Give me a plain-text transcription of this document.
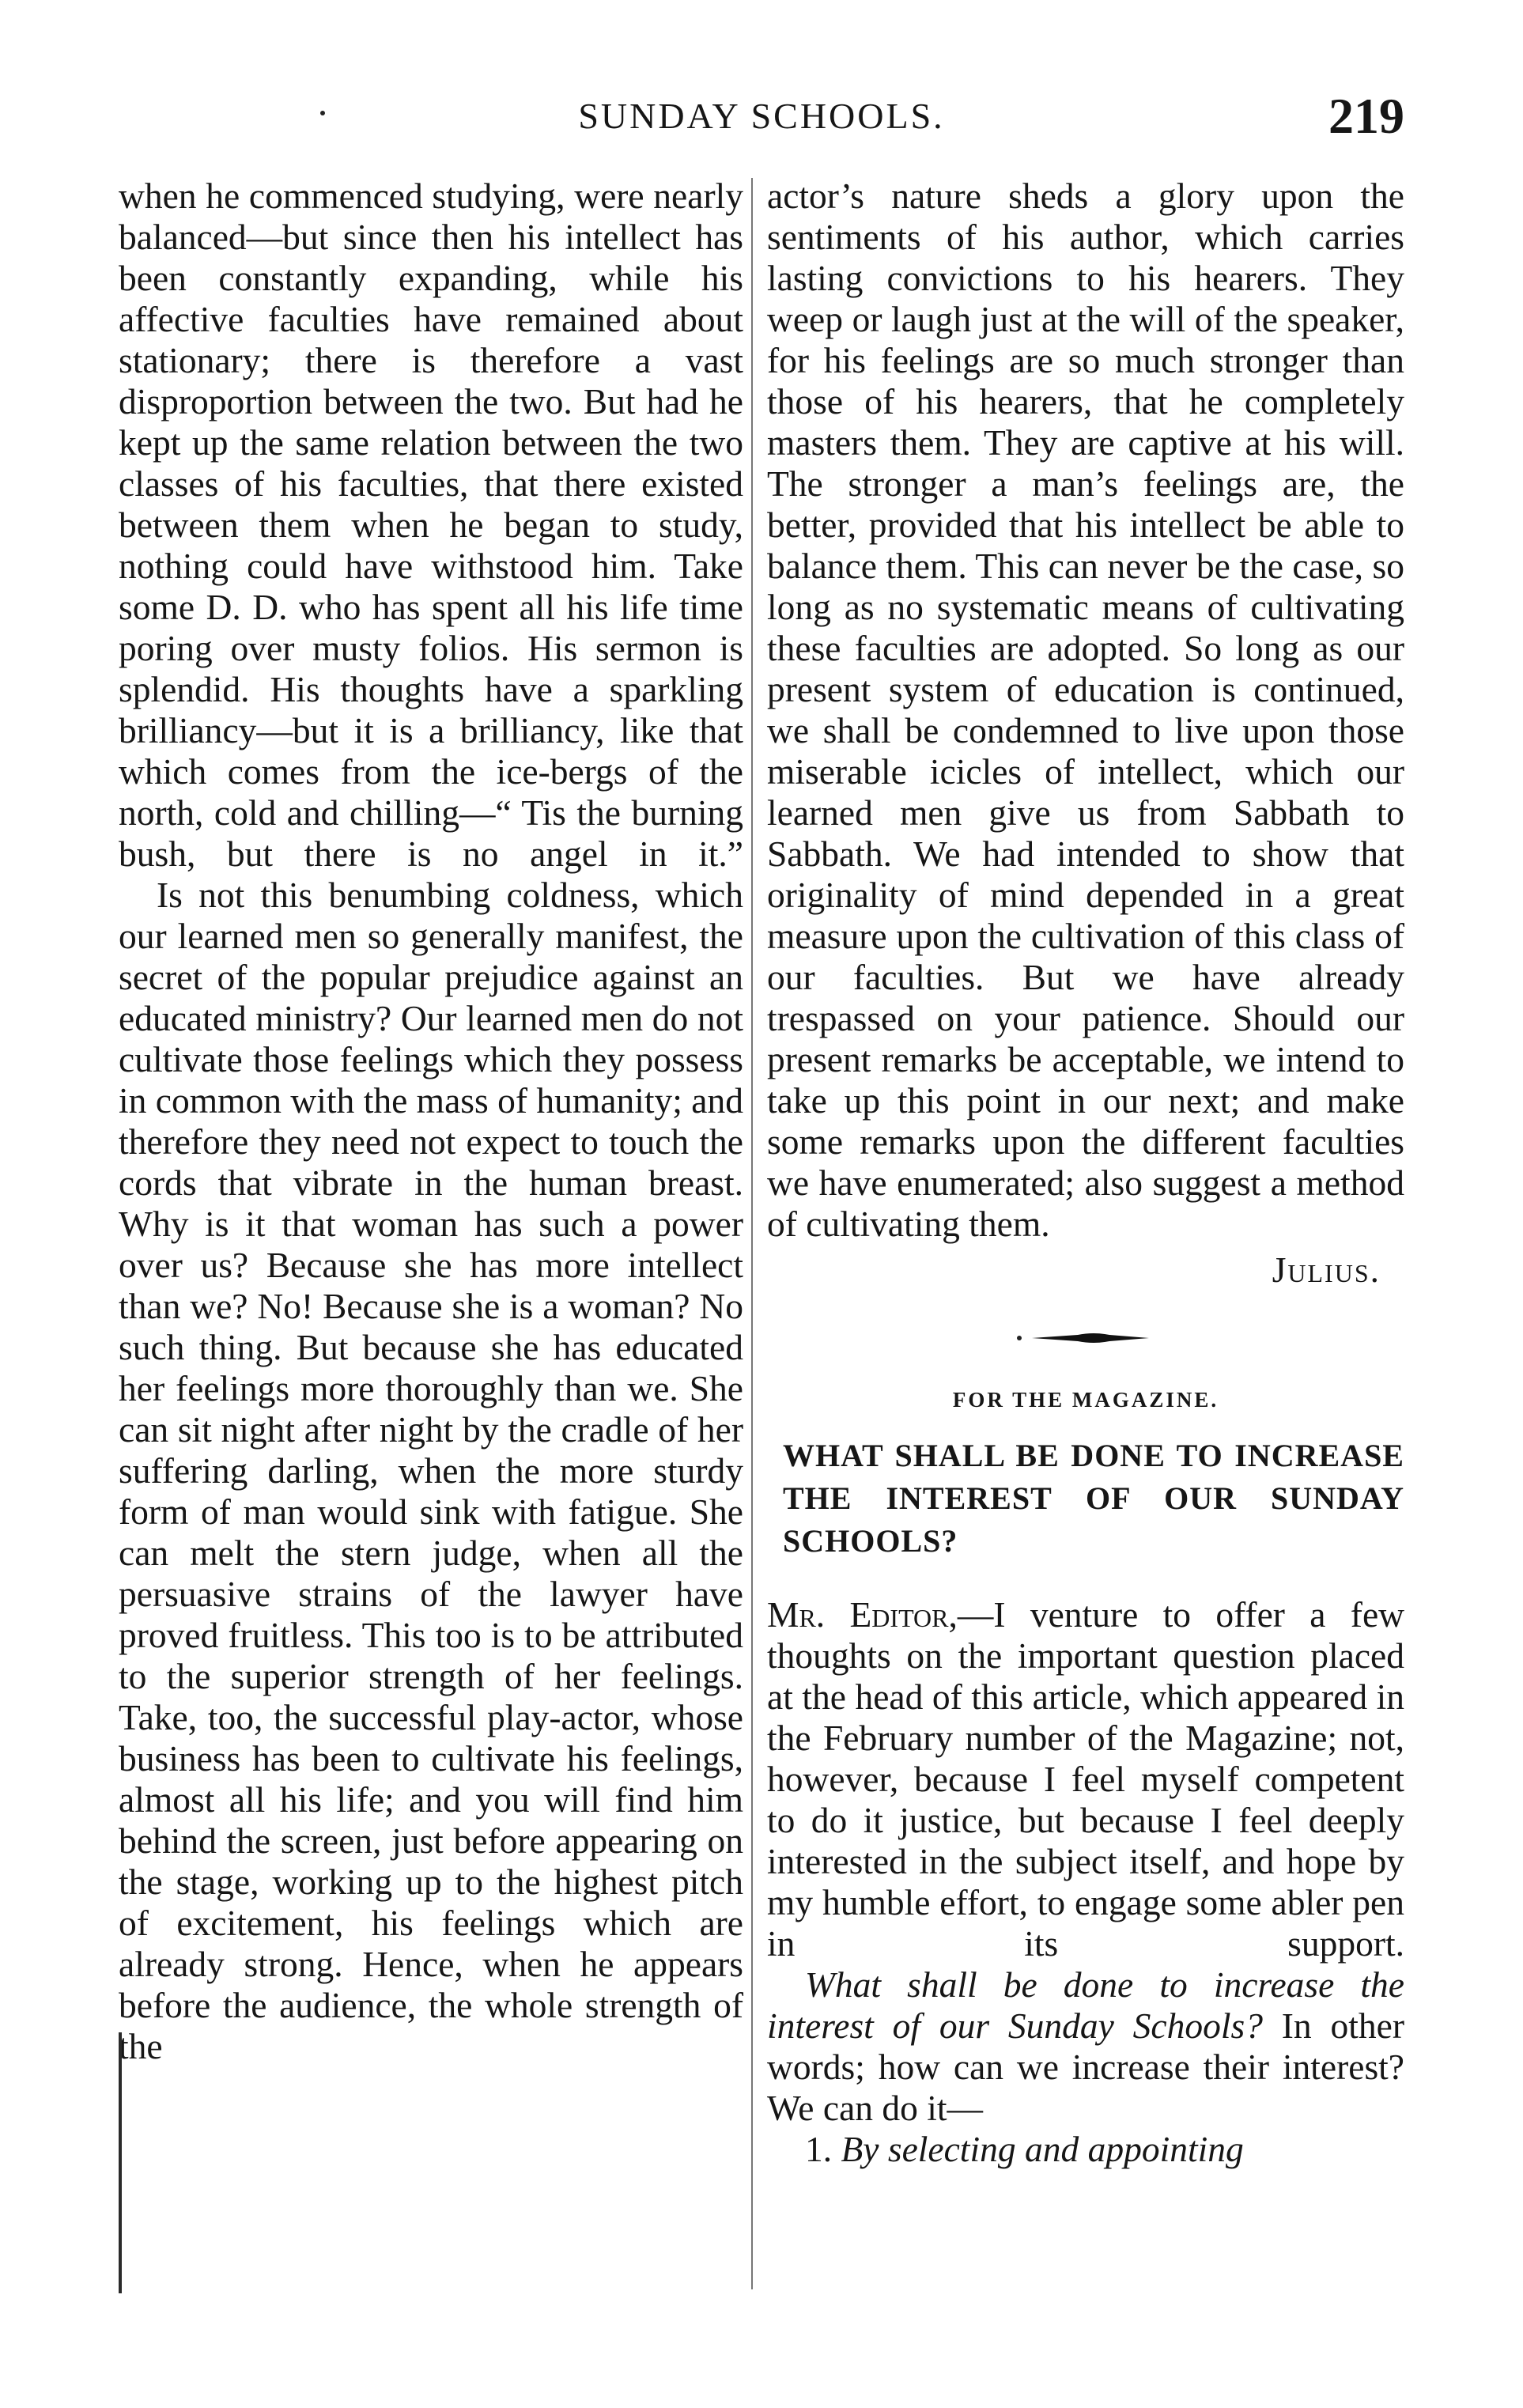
SUNDAY SCHOOLS.	219

when he commenced studying, were nearly balanced—but since then his intellect has been constantly expanding, while his affective faculties have remained about stationary; there is therefore a vast disproportion between the two. But had he kept up the same relation between the two classes of his faculties, that there existed between them when he began to study, nothing could have withstood him. Take some D. D. who has spent all his life time poring over musty folios. His sermon is splendid. His thoughts have a sparkling brilliancy—but it is a brilliancy, like that which comes from the ice-bergs of the north, cold and chilling—“ Tis the burning bush, but there is no angel in it.”

Is not this benumbing coldness, which our learned men so generally manifest, the secret of the popular prejudice against an educated ministry? Our learned men do not cultivate those feelings which they possess in common with the mass of humanity; and therefore they need not expect to touch the cords that vibrate in the human breast. Why is it that woman has such a power over us? Because she has more intellect than we? No! Because she is a woman? No such thing. But because she has educated her feelings more thoroughly than we. She can sit night after night by the cradle of her suffering darling, when the more sturdy form of man would sink with fatigue. She can melt the stern judge, when all the persuasive strains of the lawyer have proved fruitless. This too is to be attributed to the superior strength of her feelings. Take, too, the successful play-actor, whose business has been to cultivate his feelings, almost all his life; and you will find him behind the screen, just before appearing on the stage, working up to the highest pitch of excitement, his feelings which are already strong. Hence, when he appears before the audience, the whole strength of the

actor’s nature sheds a glory upon the sentiments of his author, which carries lasting convictions to his hearers. They weep or laugh just at the will of the speaker, for his feelings are so much stronger than those of his hearers, that he completely masters them. They are captive at his will. The stronger a man’s feelings are, the better, provided that his intellect be able to balance them. This can never be the case, so long as no systematic means of cultivating these faculties are adopted. So long as our present system of education is continued, we shall be condemned to live upon those miserable icicles of intellect, which our learned men give us from Sabbath to Sabbath. We had intended to show that originality of mind depended in a great measure upon the cultivation of this class of our faculties. But we have already trespassed on your patience. Should our present remarks be acceptable, we intend to take up this point in our next; and make some remarks upon the different faculties we have enumerated; also suggest a method of cultivating them.

Julius.
FOR THE MAGAZINE.
WHAT SHALL BE DONE TO INCREASE THE INTEREST OF OUR SUNDAY SCHOOLS?

Mr. Editor,—I venture to offer a few thoughts on the important question placed at the head of this article, which appeared in the February number of the Magazine; not, however, because I feel myself competent to do it justice, but because I feel deeply interested in the subject itself, and hope by my humble effort, to engage some abler pen in its support.

What shall be done to increase the interest of our Sunday Schools? In other words; how can we increase their interest? We can do it—

1. By selecting and appointing
